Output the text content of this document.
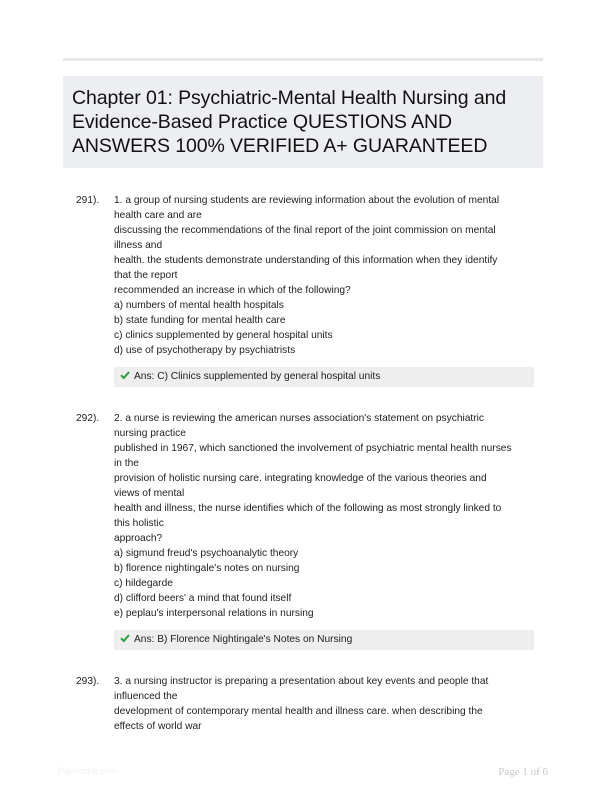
Chapter 01: Psychiatric-Mental Health Nursing and Evidence-Based Practice QUESTIONS AND ANSWERS 100% VERIFIED A+ GUARANTEED
291).	1. a group of nursing students are reviewing information about the evolution of mental
health care and are
discussing the recommendations of the final report of the joint commission on mental
illness and
health. the students demonstrate understanding of this information when they identify
that the report
recommended an increase in which of the following?
a) numbers of mental health hospitals
b) state funding for mental health care
c) clinics supplemented by general hospital units
d) use of psychotherapy by psychiatrists
Ans: C) Clinics supplemented by general hospital units
292).	2. a nurse is reviewing the american nurses association's statement on psychiatric
nursing practice
published in 1967, which sanctioned the involvement of psychiatric mental health nurses
in the
provision of holistic nursing care. integrating knowledge of the various theories and
views of mental
health and illness, the nurse identifies which of the following as most strongly linked to
this holistic
approach?
a) sigmund freud's psychoanalytic theory
b) florence nightingale's notes on nursing
c) hildegarde
d) clifford beers' a mind that found itself
e) peplau's interpersonal relations in nursing
Ans: B) Florence Nightingale's Notes on Nursing
293).	3. a nursing instructor is preparing a presentation about key events and people that
influenced the
development of contemporary mental health and illness care. when describing the
effects of world war
Papertrbe.com	Page 1 of 6
